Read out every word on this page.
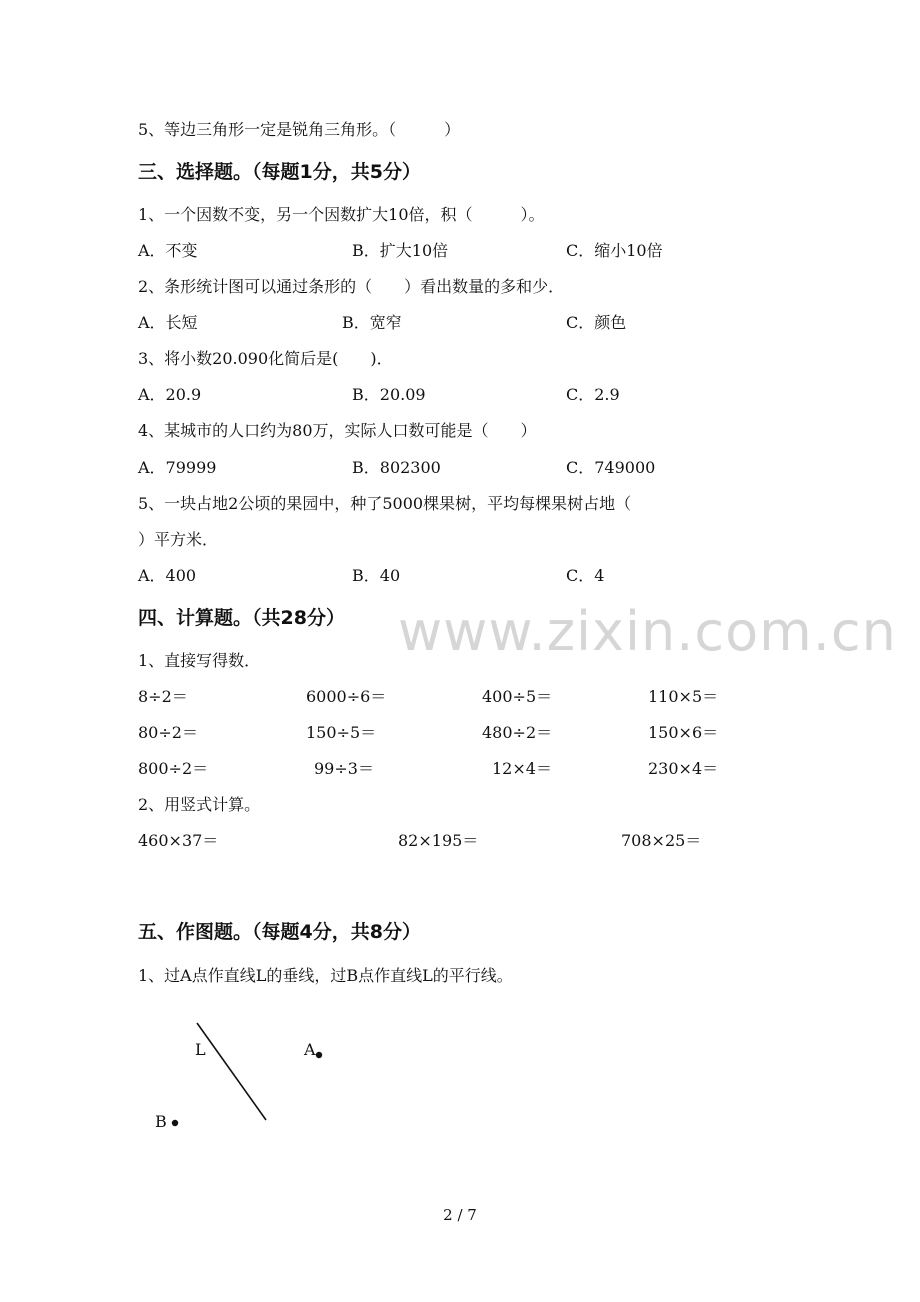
www.zixin.com.cn
5、等边三角形一定是锐角三角形。（　　　）
三、选择题。（每题1分，共5分）
1、一个因数不变，另一个因数扩大10倍，积（　　　）。
A．不变	B．扩大10倍	C．缩小10倍
2、条形统计图可以通过条形的（　　）看出数量的多和少．
A．长短	B．宽窄	C．颜色
3、将小数20.090化简后是(　　)．
A．20.9	B．20.09	C．2.9
4、某城市的人口约为80万，实际人口数可能是（　　）
A．79999	B．802300	C．749000
5、一块占地2公顷的果园中，种了5000棵果树，平均每棵果树占地（
）平方米．
A．400	B．40	C．4
四、计算题。（共28分）
1、直接写得数．
8÷2＝	6000÷6＝	400÷5＝	110×5＝
80÷2＝	150÷5＝	480÷2＝	150×6＝
800÷2＝	99÷3＝	12×4＝	230×4＝
2、用竖式计算。
460×37＝	82×195＝	708×25＝
五、作图题。（每题4分，共8分）
1、过A点作直线L的垂线，过B点作直线L的平行线。
L	A
B
2 / 7
